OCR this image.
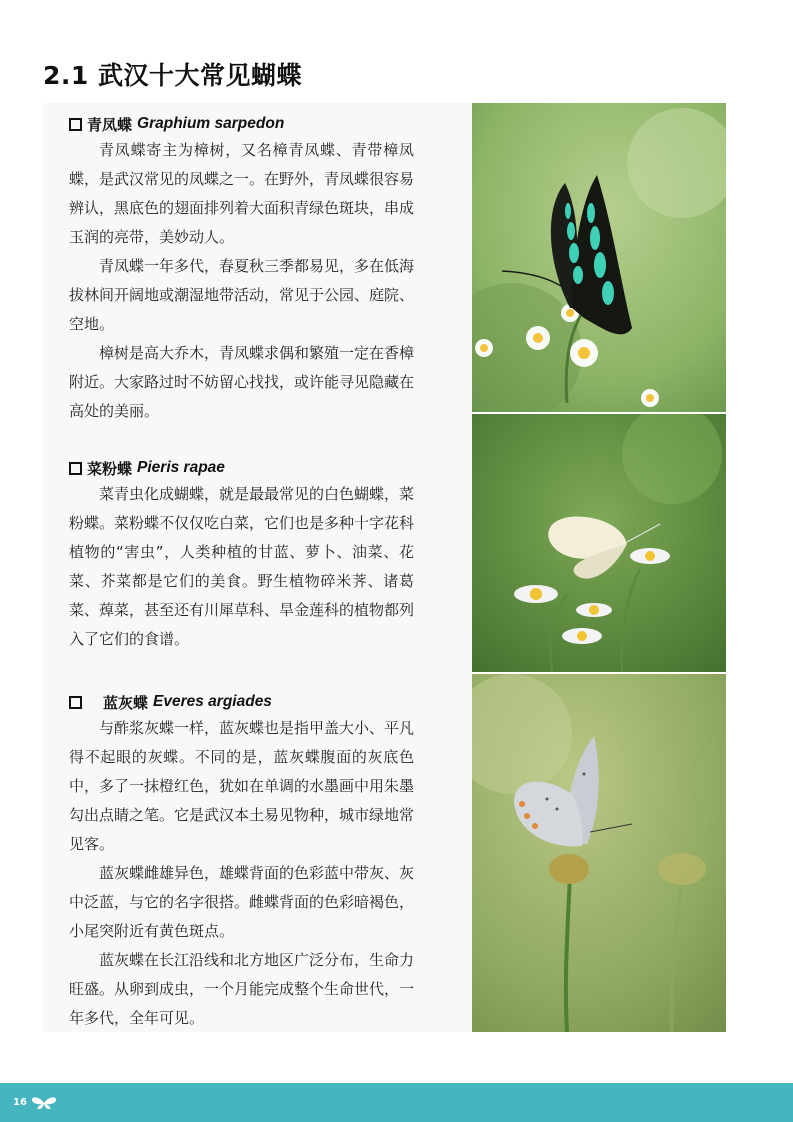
2.1 武汉十大常见蝴蝶
青凤蝶 Graphium sarpedon

青凤蝶寄主为樟树，又名樟青凤蝶、青带樟凤蝶，是武汉常见的凤蝶之一。在野外，青凤蝶很容易辨认，黑底色的翅面排列着大面积青绿色斑块，串成玉润的亮带，美妙动人。

青凤蝶一年多代，春夏秋三季都易见，多在低海拔林间开阔地或潮湿地带活动，常见于公园、庭院、空地。

樟树是高大乔木，青凤蝶求偶和繁殖一定在香樟附近。大家路过时不妨留心找找，或许能寻见隐藏在高处的美丽。

菜粉蝶 Pieris rapae

菜青虫化成蝴蝶，就是最最常见的白色蝴蝶，菜粉蝶。菜粉蝶不仅仅吃白菜，它们也是多种十字花科植物的“害虫”，人类种植的甘蓝、萝卜、油菜、花菜、芥菜都是它们的美食。野生植物碎米荠、诸葛菜、蔊菜，甚至还有川犀草科、旱金莲科的植物都列入了它们的食谱。

蓝灰蝶 Everes argiades

与酢浆灰蝶一样，蓝灰蝶也是指甲盖大小、平凡得不起眼的灰蝶。不同的是，蓝灰蝶腹面的灰底色中，多了一抹橙红色，犹如在单调的水墨画中用朱墨勾出点睛之笔。它是武汉本土易见物种，城市绿地常见客。

蓝灰蝶雌雄异色，雄蝶背面的色彩蓝中带灰、灰中泛蓝，与它的名字很搭。雌蝶背面的色彩暗褐色，小尾突附近有黄色斑点。

蓝灰蝶在长江沿线和北方地区广泛分布，生命力旺盛。从卵到成虫，一个月能完成整个生命世代，一年多代，全年可见。

16
